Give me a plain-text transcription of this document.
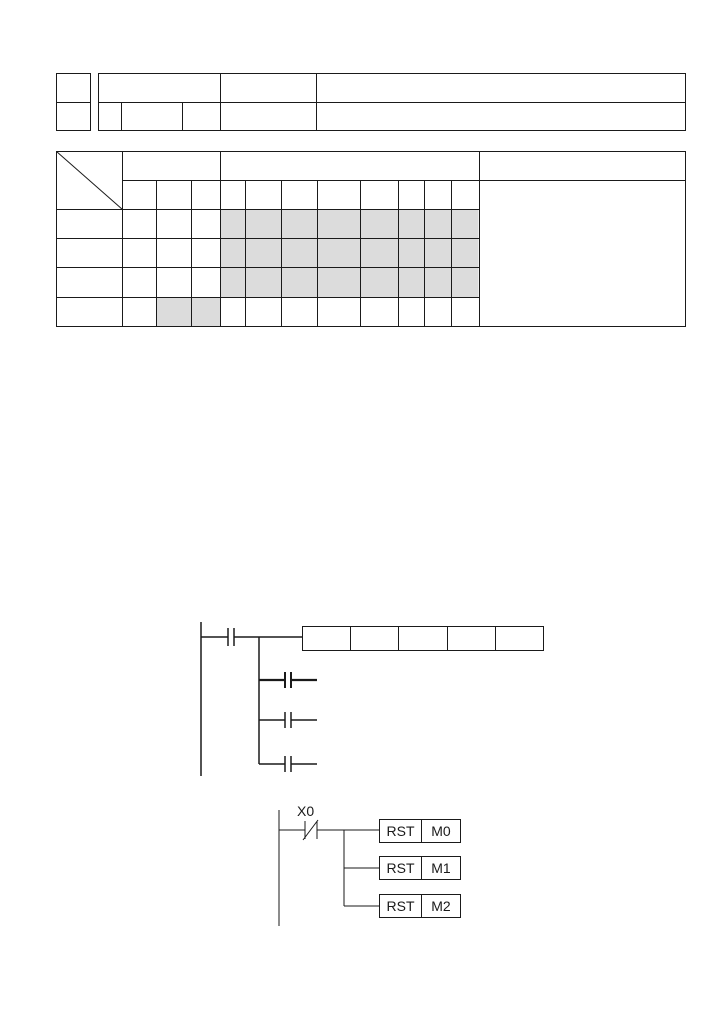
X0
RST	M0
RST	M1
RST	M2
